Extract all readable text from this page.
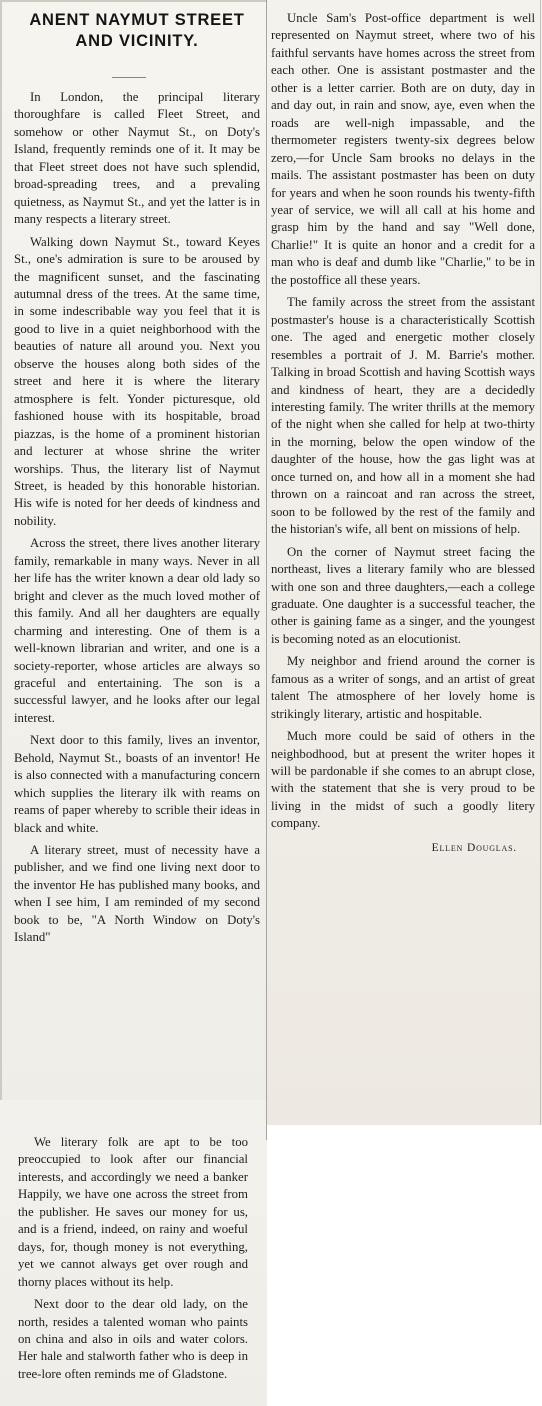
ANENT NAYMUT STREET
AND VICINITY.

In London, the principal literary thoroughfare is called Fleet Street, and somehow or other Naymut St., on Doty's Island, frequently reminds one of it. It may be that Fleet street does not have such splendid, broad-spreading trees, and a prevaling quietness, as Naymut St., and yet the latter is in many respects a literary street.

Walking down Naymut St., toward Keyes St., one's admiration is sure to be aroused by the magnificent sunset, and the fascinating autumnal dress of the trees. At the same time, in some indescribable way you feel that it is good to live in a quiet neighborhood with the beauties of nature all around you. Next you observe the houses along both sides of the street and here it is where the literary atmosphere is felt. Yonder picturesque, old fashioned house with its hospitable, broad piazzas, is the home of a prominent historian and lecturer at whose shrine the writer worships. Thus, the literary list of Naymut Street, is headed by this honorable historian. His wife is noted for her deeds of kindness and nobility.

Across the street, there lives another literary family, remarkable in many ways. Never in all her life has the writer known a dear old lady so bright and clever as the much loved mother of this family. And all her daughters are equally charming and interesting. One of them is a well-known librarian and writer, and one is a society-reporter, whose articles are always so graceful and entertaining. The son is a successful lawyer, and he looks after our legal interest.

Next door to this family, lives an inventor, Behold, Naymut St., boasts of an inventor! He is also connected with a manufacturing concern which supplies the literary ilk with reams on reams of paper whereby to scrible their ideas in black and white.

A literary street, must of necessity have a publisher, and we find one living next door to the inventor He has published many books, and when I see him, I am reminded of my second book to be, "A North Window on Doty's Island"

We literary folk are apt to be too preoccupied to look after our financial interests, and accordingly we need a banker Happily, we have one across the street from the publisher. He saves our money for us, and is a friend, indeed, on rainy and woeful days, for, though money is not everything, yet we cannot always get over rough and thorny places without its help.

Next door to the dear old lady, on the north, resides a talented woman who paints on china and also in oils and water colors. Her hale and stalworth father who is deep in tree-lore often reminds me of Gladstone.

Uncle Sam's Post-office department is well represented on Naymut street, where two of his faithful servants have homes across the street from each other. One is assistant postmaster and the other is a letter carrier. Both are on duty, day in and day out, in rain and snow, aye, even when the roads are well-nigh impassable, and the thermometer registers twenty-six degrees below zero,—for Uncle Sam brooks no delays in the mails. The assistant postmaster has been on duty for years and when he soon rounds his twenty-fifth year of service, we will all call at his home and grasp him by the hand and say "Well done, Charlie!" It is quite an honor and a credit for a man who is deaf and dumb like "Charlie," to be in the postoffice all these years.

The family across the street from the assistant postmaster's house is a characteristically Scottish one. The aged and energetic mother closely resembles a portrait of J. M. Barrie's mother. Talking in broad Scottish and having Scottish ways and kindness of heart, they are a decidedly interesting family. The writer thrills at the memory of the night when she called for help at two-thirty in the morning, below the open window of the daughter of the house, how the gas light was at once turned on, and how all in a moment she had thrown on a raincoat and ran across the street, soon to be followed by the rest of the family and the historian's wife, all bent on missions of help.

On the corner of Naymut street facing the northeast, lives a literary family who are blessed with one son and three daughters,—each a college graduate. One daughter is a successful teacher, the other is gaining fame as a singer, and the youngest is becoming noted as an elocutionist.

My neighbor and friend around the corner is famous as a writer of songs, and an artist of great talent The atmosphere of her lovely home is strikingly literary, artistic and hospitable.

Much more could be said of others in the neighbodhood, but at present the writer hopes it will be pardonable if she comes to an abrupt close, with the statement that she is very proud to be living in the midst of such a goodly litery company.

Ellen Douglas.
